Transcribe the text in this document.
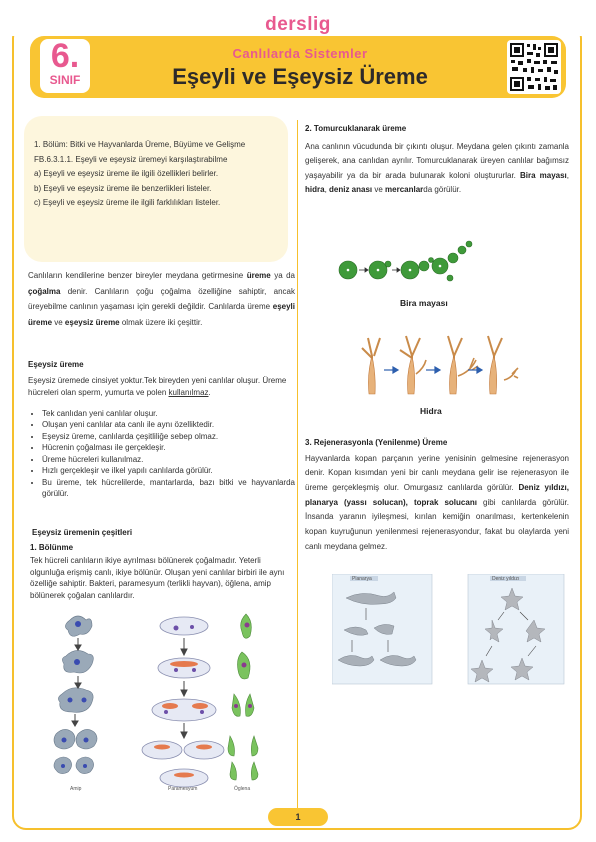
derslig
6.
SINIF
Canlılarda Sistemler
Eşeyli ve Eşeysiz Üreme

1. Bölüm: Bitki ve Hayvanlarda Üreme, Büyüme ve Gelişme

FB.6.3.1.1. Eşeyli ve eşeysiz üremeyi karşılaştırabilme

a) Eşeyli ve eşeysiz üreme ile ilgili özellikleri belirler.

b) Eşeyli ve eşeysiz üreme ile benzerlikleri listeler.

c) Eşeyli ve eşeysiz üreme ile ilgili farklılıkları listeler.

Canlıların kendilerine benzer bireyler meydana getirmesine üreme ya da çoğalma denir. Canlıların çoğu çoğalma özelliğine sahiptir, ancak üreyebilme canlının yaşaması için gerekli değildir. Canlılarda üreme eşeyli üreme ve eşeysiz üreme olmak üzere iki çeşittir.
Eşeysiz üreme
Eşeysiz üremede cinsiyet yoktur.Tek bireyden yeni canlılar oluşur. Üreme hücreleri olan sperm, yumurta ve polen kullanılmaz.
• Tek canlıdan yeni canlılar oluşur.
• Oluşan yeni canlılar ata canlı ile aynı özelliktedir.
• Eşeysiz üreme, canlılarda çeşitliliğe sebep olmaz.
• Hücrenin çoğalması ile gerçekleşir.
• Üreme hücreleri kullanılmaz.
• Hızlı gerçekleşir ve ilkel yapılı canlılarda görülür.
• Bu üreme, tek hücrelilerde, mantarlarda, bazı bitki ve hayvanlarda görülür.
Eşeysiz üremenin çeşitleri
1. Bölünme
Tek hücreli canlıların ikiye ayrılması bölünerek çoğalmadır. Yeterli olgunluğa erişmiş canlı, ikiye bölünür. Oluşan yeni canlılar birbiri ile aynı özelliğe sahiptir. Bakteri, paramesyum (terlikli hayvan), öğlena, amip bölünerek çoğalan canlılardır.
Amip	Paramesyum	Öglena
2. Tomurcuklanarak üreme
Ana canlının vücudunda bir çıkıntı oluşur. Meydana gelen çıkıntı zamanla gelişerek, ana canlıdan ayrılır. Tomurcuklanarak üreyen canlılar bağımsız yaşayabilir ya da bir arada bulunarak koloni oluştururlar. Bira mayası, hidra, deniz anası ve mercanlarda görülür.
Bira mayası
Hidra
3. Rejenerasyonla (Yenilenme) Üreme
Hayvanlarda kopan parçanın yerine yenisinin gelmesine rejenerasyon denir. Kopan kısımdan yeni bir canlı meydana gelir ise rejenerasyon ile üreme gerçekleşmiş olur. Omurgasız canlılarda görülür. Deniz yıldızı, planarya (yassı solucan), toprak solucanı gibi canlılarda görülür. İnsanda yaranın iyileşmesi, kırılan kemiğin onarılması, kertenkelenin kopan kuyruğunun yenilenmesi rejenerasyondur, fakat bu olaylarda yeni canlı meydana gelmez.
Planarya	Deniz yıldızı
1
